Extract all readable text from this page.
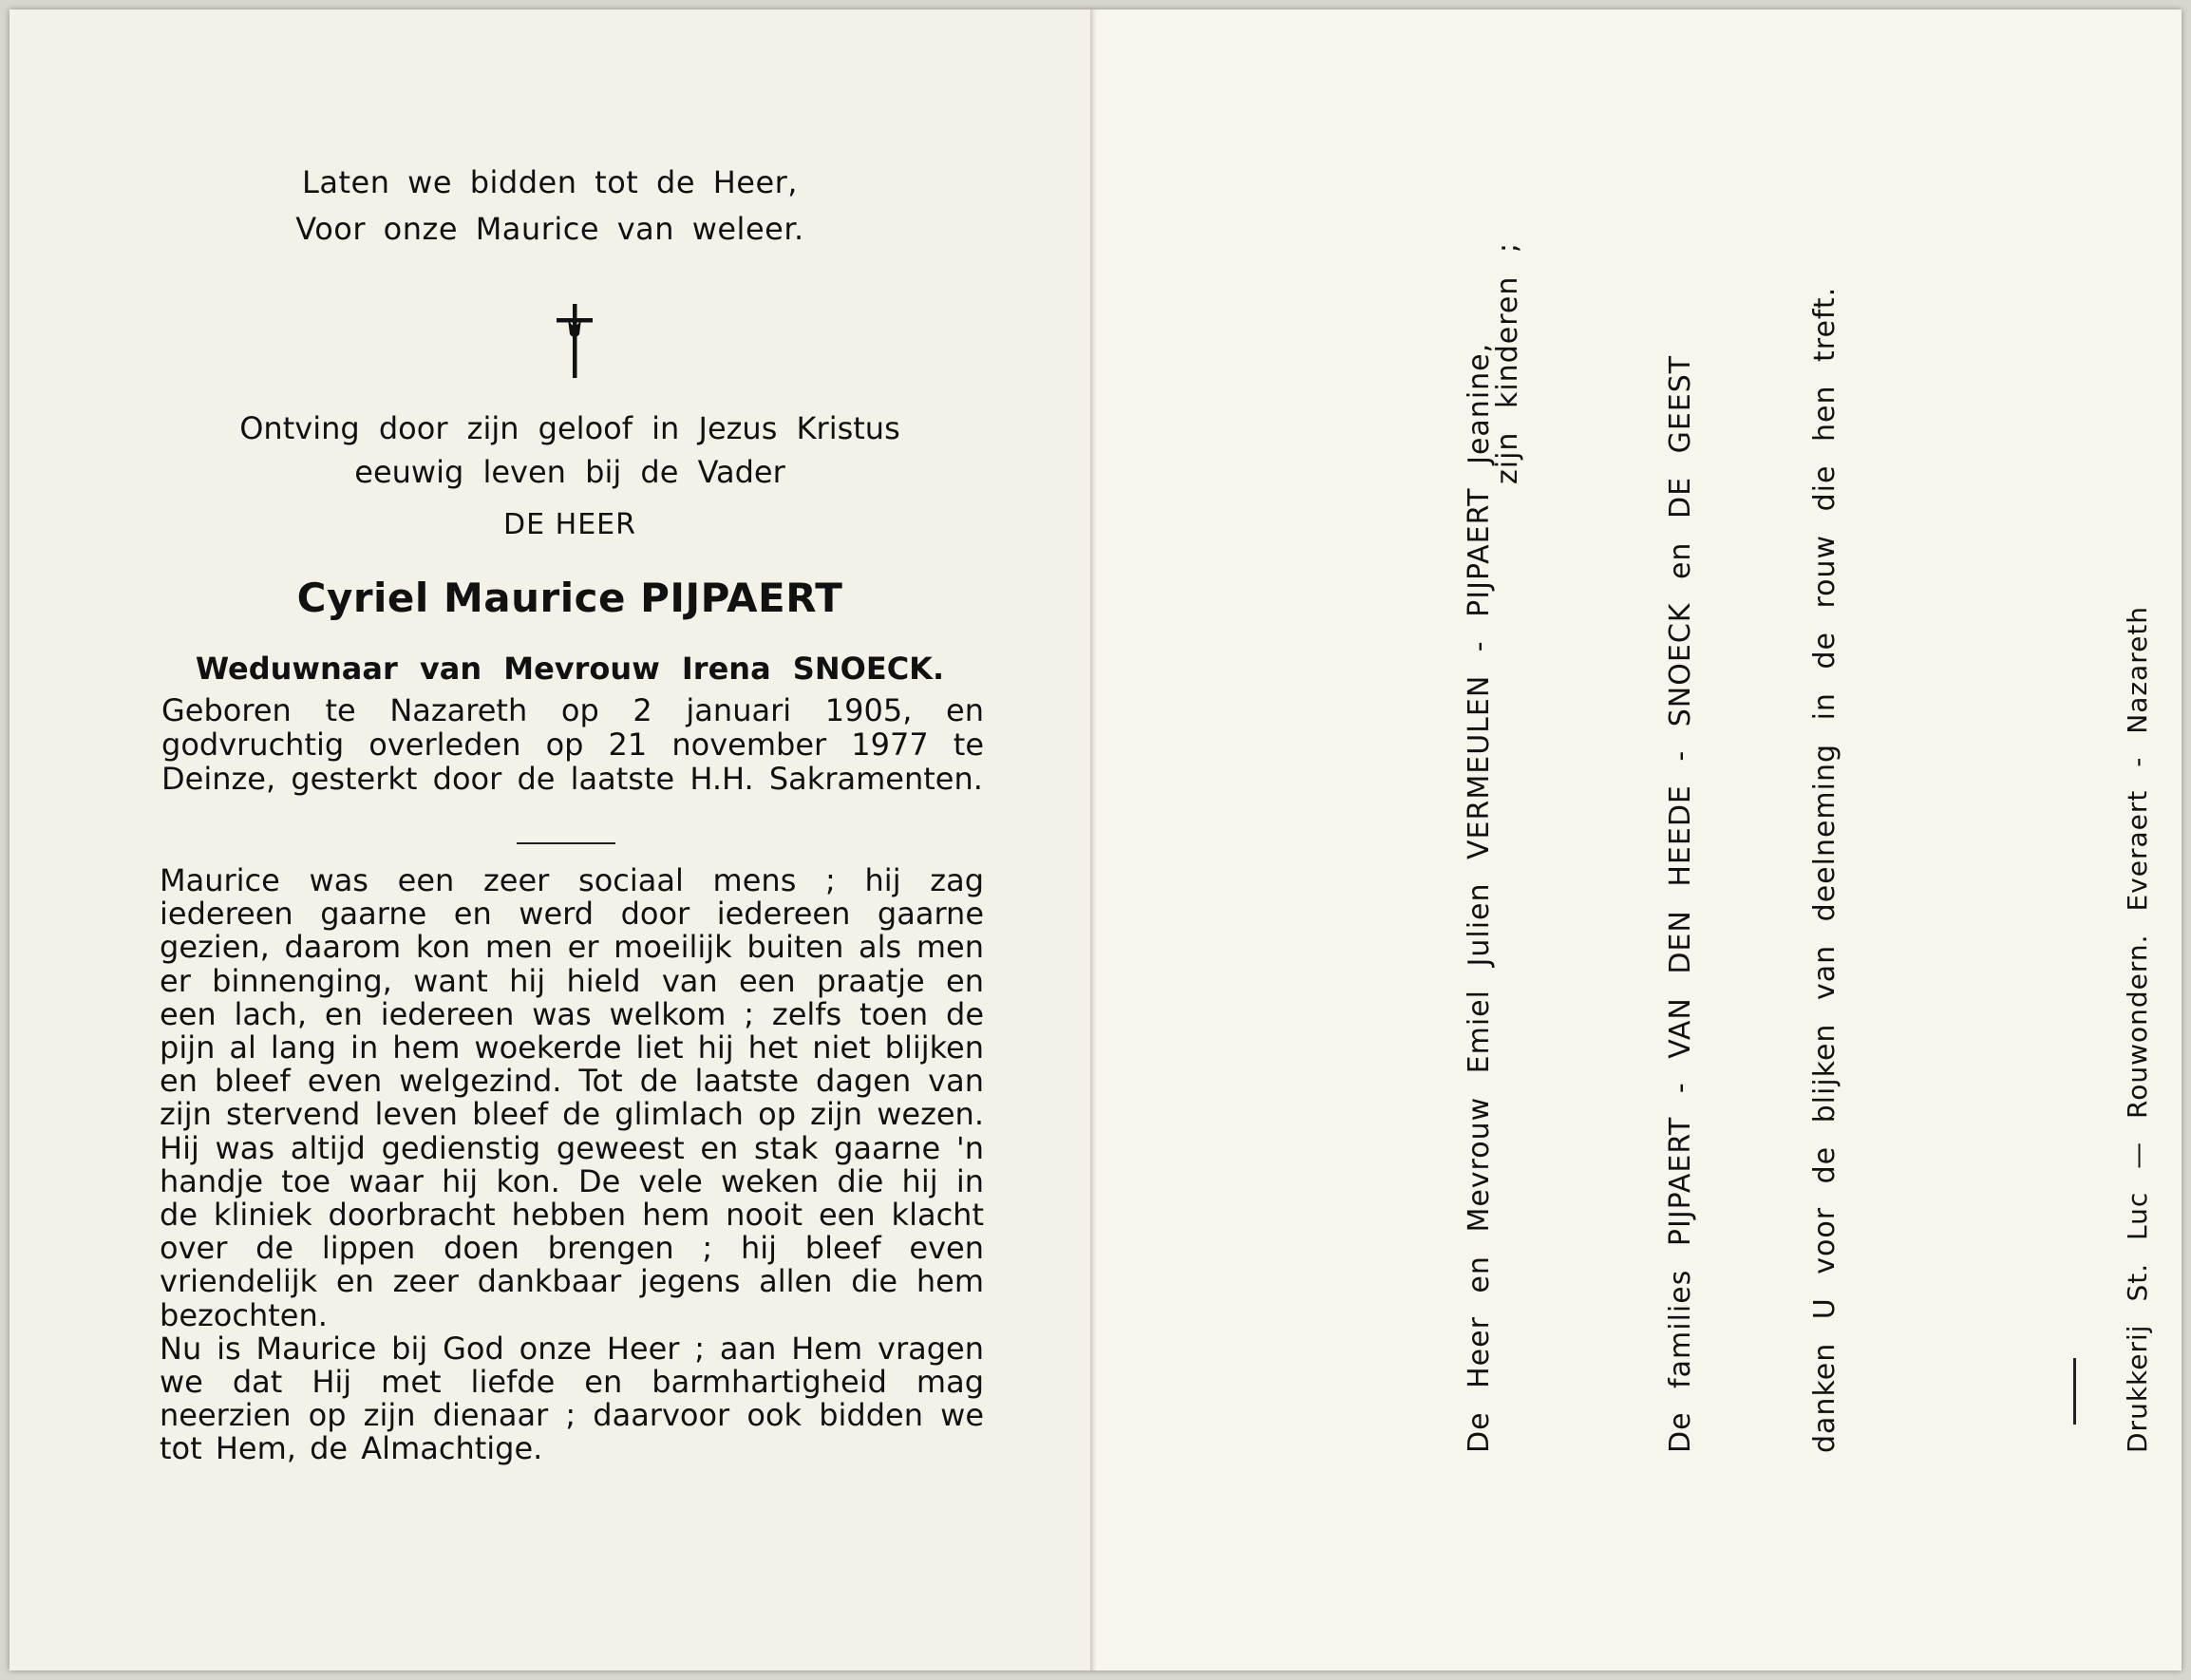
Laten we bidden tot de Heer,
Voor onze Maurice van weleer.
Ontving door zijn geloof in Jezus Kristus
eeuwig leven bij de Vader
DE HEER
Cyriel Maurice PIJPAERT
Weduwnaar van Mevrouw Irena SNOECK.
Geboren te Nazareth op 2 januari 1905, en godvruchtig overleden op 21 november 1977 te Deinze, gesterkt door de laatste H.H. Sakramenten.
Maurice was een zeer sociaal mens ; hij zag iedereen gaarne en werd door iedereen gaarne gezien, daarom kon men er moeilijk buiten als men er binnenging, want hij hield van een praatje en een lach, en iedereen was welkom ; zelfs toen de pijn al lang in hem woekerde liet hij het niet blijken en bleef even welgezind. Tot de laatste dagen van zijn stervend leven bleef de glimlach op zijn wezen. Hij was altijd gedienstig geweest en stak gaarne 'n handje toe waar hij kon. De vele weken die hij in de kliniek doorbracht hebben hem nooit een klacht over de lippen doen brengen ; hij bleef even vriendelijk en zeer dankbaar jegens allen die hem bezochten.
Nu is Maurice bij God onze Heer ; aan Hem vragen we dat Hij met liefde en barmhartigheid mag neerzien op zijn dienaar ; daarvoor ook bidden we tot Hem, de Almachtige.	De Heer en Mevrouw Emiel Julien VERMEULEN - PIJPAERT Jeanine,
zijn kinderen ;	De families PIJPAERT - VAN DEN HEEDE - SNOECK en DE GEEST	danken U voor de blijken van deelneming in de rouw die hen treft.	Drukkerij St. Luc — Rouwondern. Everaert - Nazareth
